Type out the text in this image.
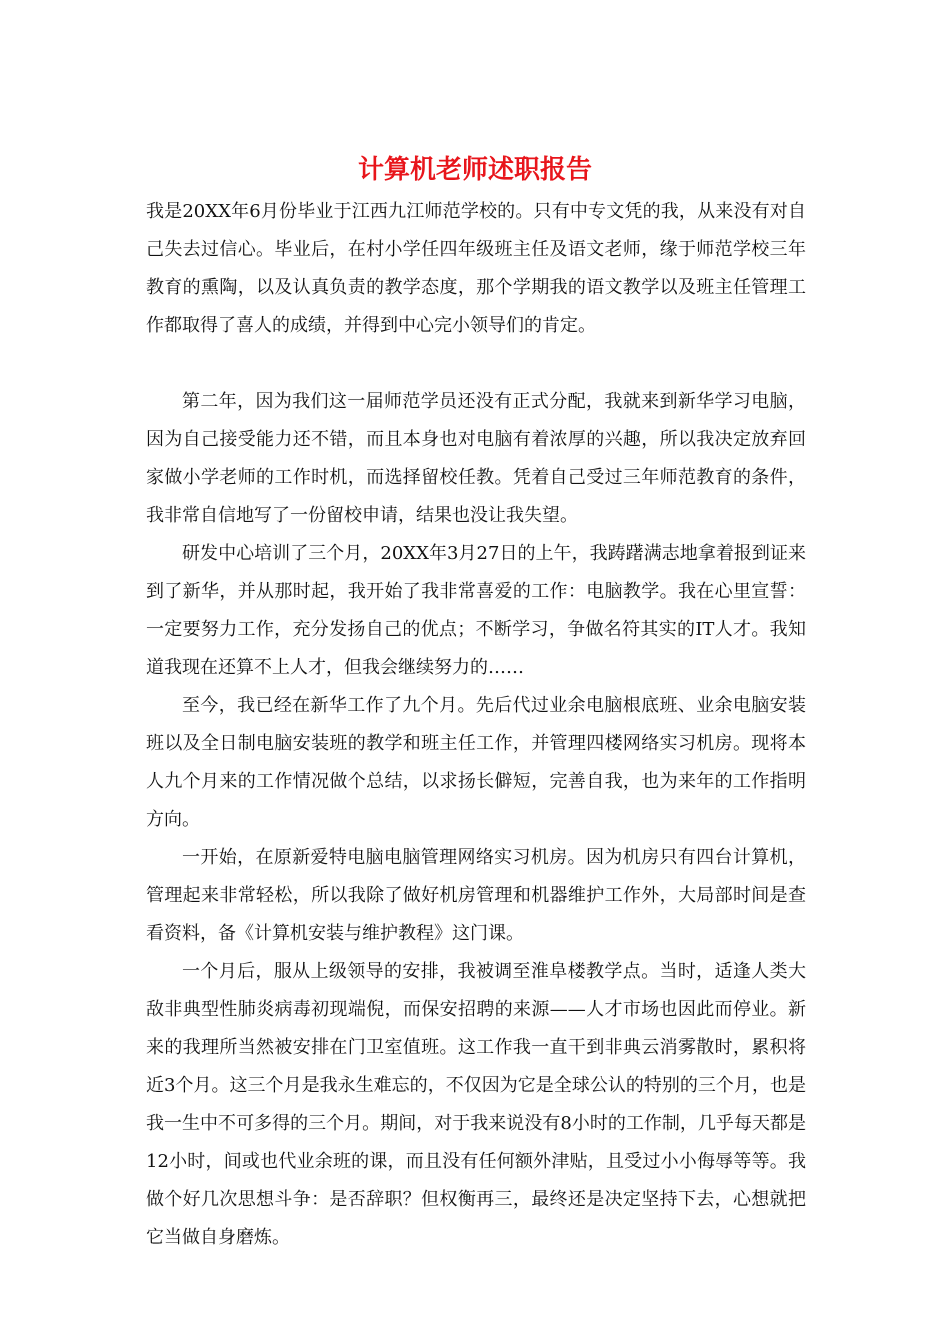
计算机老师述职报告

我是20XX年6月份毕业于江西九江师范学校的。只有中专文凭的我，从来没有对自己失去过信心。毕业后，在村小学任四年级班主任及语文老师，缘于师范学校三年教育的熏陶，以及认真负责的教学态度，那个学期我的语文教学以及班主任管理工作都取得了喜人的成绩，并得到中心完小领导们的肯定。

第二年，因为我们这一届师范学员还没有正式分配，我就来到新华学习电脑，因为自己接受能力还不错，而且本身也对电脑有着浓厚的兴趣，所以我决定放弃回家做小学老师的工作时机，而选择留校任教。凭着自己受过三年师范教育的条件，我非常自信地写了一份留校申请，结果也没让我失望。

研发中心培训了三个月，20XX年3月27日的上午，我踌躇满志地拿着报到证来到了新华，并从那时起，我开始了我非常喜爱的工作：电脑教学。我在心里宣誓：一定要努力工作，充分发扬自己的优点；不断学习，争做名符其实的IT人才。我知道我现在还算不上人才，但我会继续努力的……

至今，我已经在新华工作了九个月。先后代过业余电脑根底班、业余电脑安装班以及全日制电脑安装班的教学和班主任工作，并管理四楼网络实习机房。现将本人九个月来的工作情况做个总结，以求扬长僻短，完善自我，也为来年的工作指明方向。

一开始，在原新爱特电脑电脑管理网络实习机房。因为机房只有四台计算机，管理起来非常轻松，所以我除了做好机房管理和机器维护工作外，大局部时间是查看资料，备《计算机安装与维护教程》这门课。

一个月后，服从上级领导的安排，我被调至淮阜楼教学点。当时，适逢人类大敌非典型性肺炎病毒初现端倪，而保安招聘的来源——人才市场也因此而停业。新来的我理所当然被安排在门卫室值班。这工作我一直干到非典云消雾散时，累积将近3个月。这三个月是我永生难忘的，不仅因为它是全球公认的特别的三个月，也是我一生中不可多得的三个月。期间，对于我来说没有8小时的工作制，几乎每天都是12小时，间或也代业余班的课，而且没有任何额外津贴，且受过小小侮辱等等。我做个好几次思想斗争：是否辞职？但权衡再三，最终还是决定坚持下去，心想就把它当做自身磨炼。
